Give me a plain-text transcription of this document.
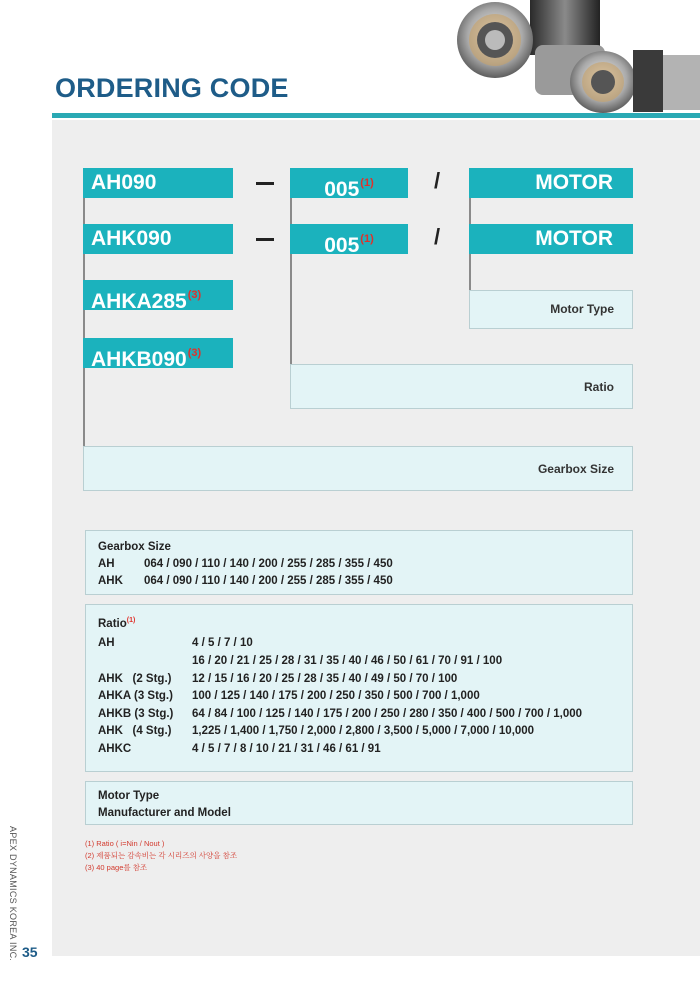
ORDERING CODE
AH090	005$^{(1)}$	/	MOTOR
AHK090	005$^{(1)}$	/	MOTOR
AHKA285$^{(3)}$
AHKB090$^{(3)}$
Motor Type
Ratio
Gearbox Size
Gearbox Size
AH	064 / 090 / 110 / 140 / 200 / 255 / 285 / 355 / 450
AHK 064 / 090 / 110 / 140 / 200 / 255 / 285 / 355 / 450
Ratio$^{(1)}$
AH	4 / 5 / 7 / 10
16 / 20 / 21 / 25 / 28 / 31 / 35 / 40 / 46 / 50 / 61 / 70 / 91 / 100
AHK   (2 Stg.) 12 / 15 / 16 / 20 / 25 / 28 / 35 / 40 / 49 / 50 / 70 / 100
AHKA (3 Stg.) 100 / 125 / 140 / 175 / 200 / 250 / 350 / 500 / 700 / 1,000
AHKB (3 Stg.) 64 / 84 / 100 / 125 / 140 / 175 / 200 / 250 / 280 / 350 / 400 / 500 / 700 / 1,000
AHK   (4 Stg.) 1,225 / 1,400 / 1,750 / 2,000 / 2,800 / 3,500 / 5,000 / 7,000 / 10,000
AHKC	4 / 5 / 7 / 8 / 10 / 21 / 31 / 46 / 61 / 91
Motor Type
Manufacturer and Model
(1) Ratio ( i=Nin / Nout )
(2) 제품되는 감속비는 각 시리즈의 사양을 참조
(3) 40 page를 참조
APEX DYNAMICS KOREA INC. 35
